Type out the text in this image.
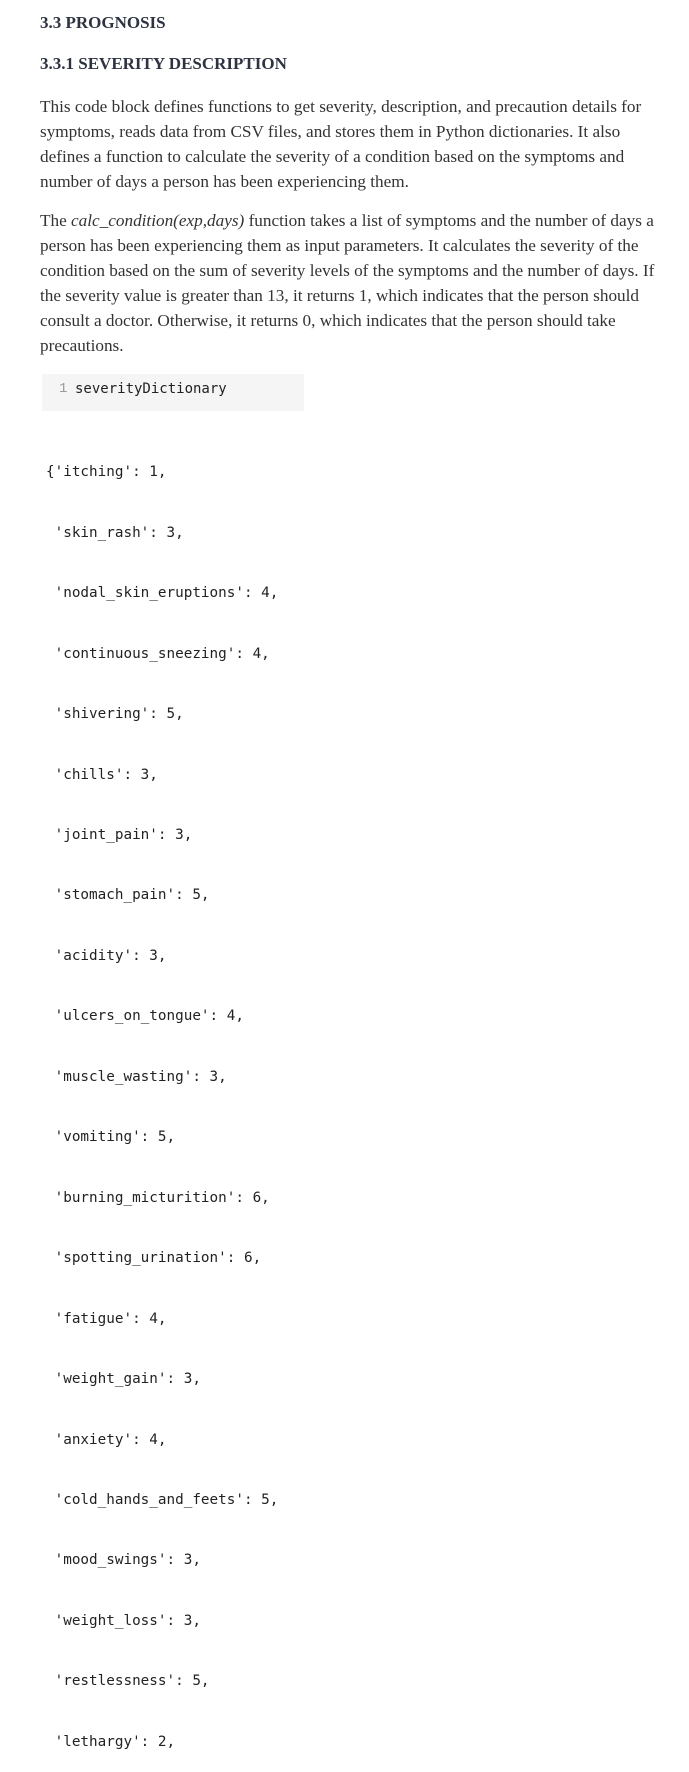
3.3 PROGNOSIS
3.3.1 SEVERITY DESCRIPTION

This code block defines functions to get severity, description, and precaution details for symptoms, reads data from CSV files, and stores them in Python dictionaries. It also defines a function to calculate the severity of a condition based on the symptoms and number of days a person has been experiencing them.

The calc_condition(exp,days) function takes a list of symptoms and the number of days a person has been experiencing them as input parameters. It calculates the severity of the condition based on the sum of severity levels of the symptoms and the number of days. If the severity value is greater than 13, it returns 1, which indicates that the person should consult a doctor. Otherwise, it returns 0, which indicates that the person should take precautions.

1 severityDictionary

{'itching': 1,

'skin_rash': 3,

'nodal_skin_eruptions': 4,

'continuous_sneezing': 4,

'shivering': 5,

'chills': 3,

'joint_pain': 3,

'stomach_pain': 5,

'acidity': 3,

'ulcers_on_tongue': 4,

'muscle_wasting': 3,

'vomiting': 5,

'burning_micturition': 6,

'spotting_urination': 6,

'fatigue': 4,

'weight_gain': 3,

'anxiety': 4,

'cold_hands_and_feets': 5,

'mood_swings': 3,

'weight_loss': 3,

'restlessness': 5,

'lethargy': 2,
